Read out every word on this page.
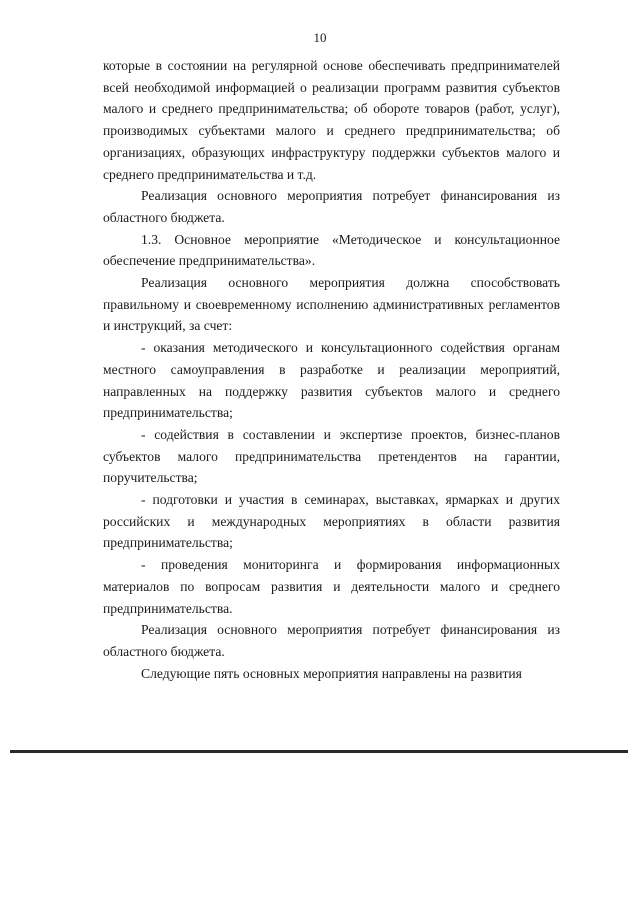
10

которые в состоянии на регулярной основе обеспечивать предпринимателей всей необходимой информацией о реализации программ развития субъектов малого и среднего предпринимательства; об обороте товаров (работ, услуг), производимых субъектами малого и среднего предпринимательства; об организациях, образующих инфраструктуру поддержки субъектов малого и среднего предпринимательства и т.д.

Реализация основного мероприятия потребует финансирования из областного бюджета.

1.3. Основное мероприятие «Методическое и консультационное обеспечение предпринимательства».

Реализация основного мероприятия должна способствовать правильному и своевременному исполнению административных регламентов и инструкций, за счет:

- оказания методического и консультационного содействия органам местного самоуправления в разработке и реализации мероприятий, направленных на поддержку развития субъектов малого и среднего предпринимательства;

- содействия в составлении и экспертизе проектов, бизнес-планов субъектов малого предпринимательства претендентов на гарантии, поручительства;

- подготовки и участия в семинарах, выставках, ярмарках и других российских и международных мероприятиях в области развития предпринимательства;

- проведения мониторинга и формирования информационных материалов по вопросам развития и деятельности малого и среднего предпринимательства.

Реализация основного мероприятия потребует финансирования из областного бюджета.

Следующие пять основных мероприятия направлены на развития
